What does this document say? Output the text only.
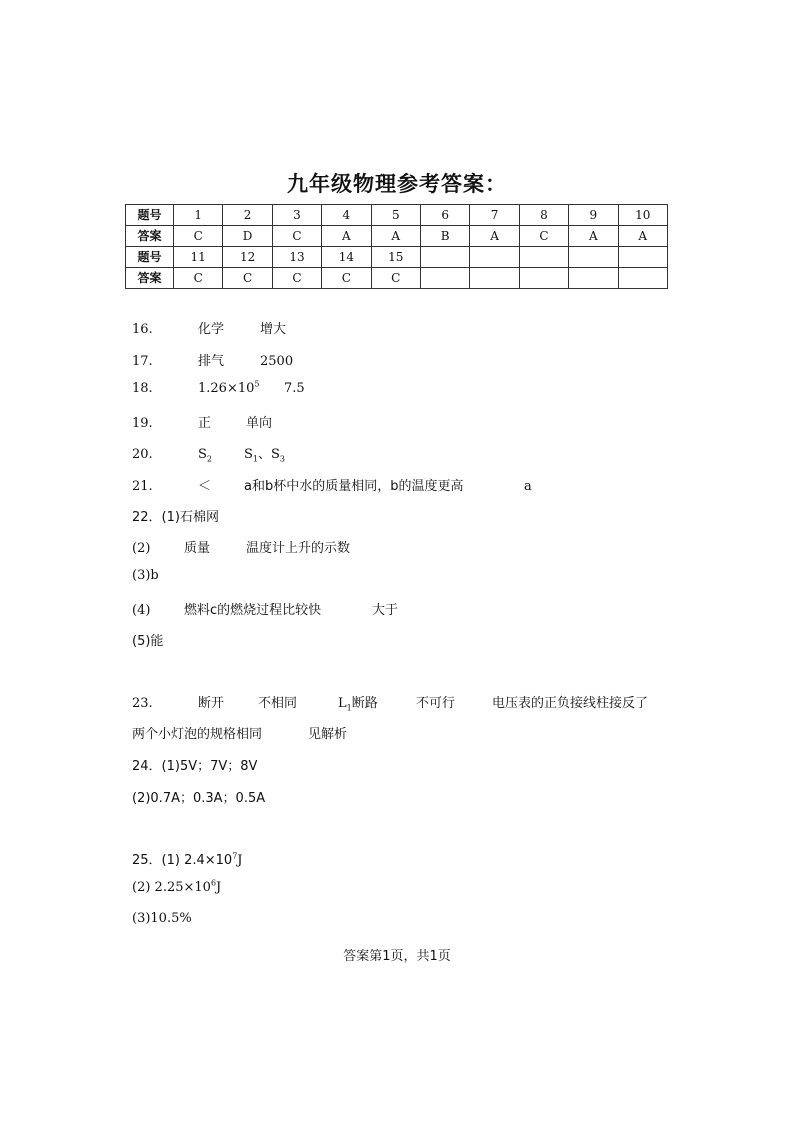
九年级物理参考答案：
题号	1	2	3	4	5	6	7	8	9	10
答案	C	D	C	A	A	B	A	C	A	A
题号	11	12	13	14	15					
答案	C	C	C	C	C					
16.	化学	增大
17.	排气	2500
18.	$1.26\times 10^5$ 7.5
19.	正	单向
20.	$S_2$ $S_1$、$S_3$
21.	＜	a和b杯中水的质量相同，b的温度更高	a
22．(1)石棉网
(2)	质量	温度计上升的示数
(3)b
(4)	燃料c的燃烧过程比较快	大于
(5)能
23.	断开	不相同	$L_1$断路	不可行	电压表的正负接线柱接反了
两个小灯泡的规格相同	见解析
24．(1)5V；7V；8V
(2)0.7A；0.3A；0.5A
25．(1) $2.4\times 10^7J$
(2) $2.25\times 10^6J$
(3)10.5%
答案第1页，共1页
